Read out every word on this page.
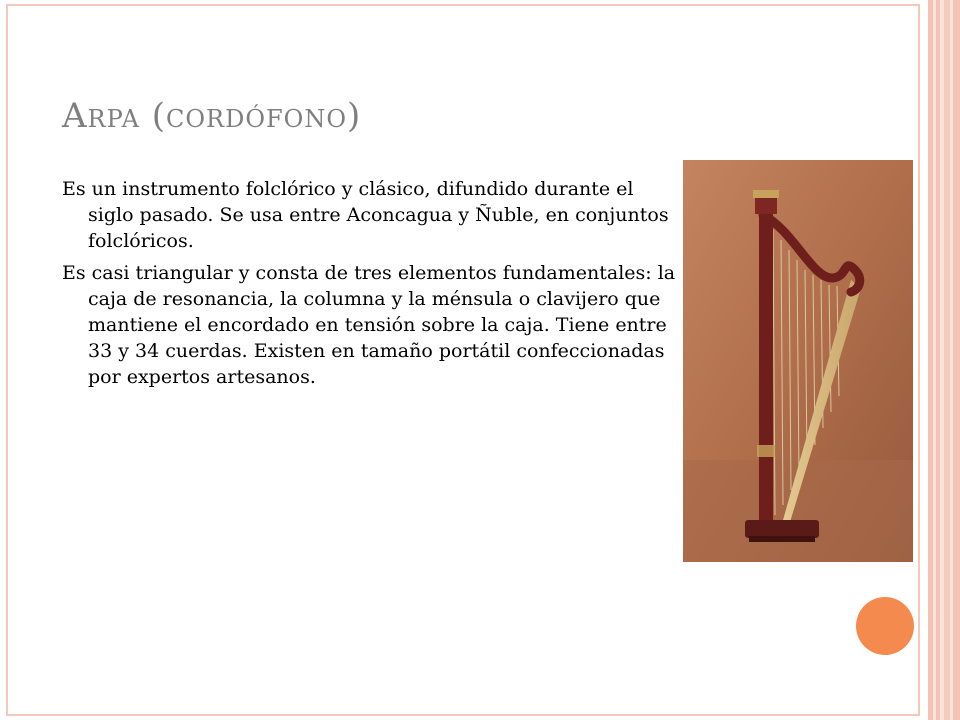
Arpa (cordófono)

Es un instrumento folclórico y clásico, difundido durante el siglo pasado. Se usa entre Aconcagua y Ñuble, en conjuntos folclóricos.

Es casi triangular y consta de tres elementos fundamentales: la caja de resonancia, la columna y la ménsula o clavijero que mantiene el encordado en tensión sobre la caja. Tiene entre 33 y 34 cuerdas. Existen en tamaño portátil confeccionadas por expertos artesanos.
